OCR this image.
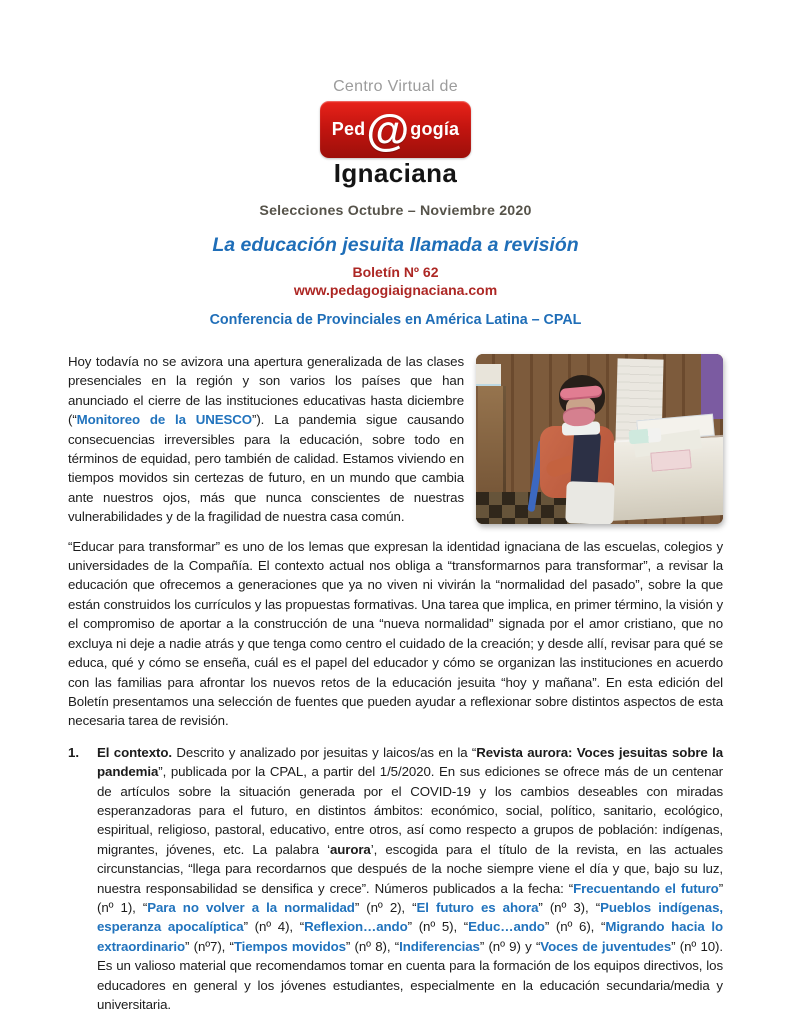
Centro Virtual de
Ped @ gogía
Ignaciana
Selecciones Octubre – Noviembre 2020
La educación jesuita llamada a revisión
Boletín Nº 62
www.pedagogiaignaciana.com
Conferencia de Provinciales en América Latina – CPAL

Hoy todavía no se avizora una apertura generalizada de las clases presenciales en la región y son varios los países que han anunciado el cierre de las instituciones educativas hasta diciembre (“Monitoreo de la UNESCO”). La pandemia sigue causando consecuencias irreversibles para la educación, sobre todo en términos de equidad, pero también de calidad. Estamos viviendo en tiempos movidos sin certezas de futuro, en un mundo que cambia ante nuestros ojos, más que nunca conscientes de nuestras vulnerabilidades y de la fragilidad de nuestra casa común.

“Educar para transformar” es uno de los lemas que expresan la identidad ignaciana de las escuelas, colegios y universidades de la Compañía. El contexto actual nos obliga a “transformarnos para transformar”, a revisar la educación que ofrecemos a generaciones que ya no viven ni vivirán la “normalidad del pasado”, sobre la que están construidos los currículos y las propuestas formativas. Una tarea que implica, en primer término, la visión y el compromiso de aportar a la construcción de una “nueva normalidad” signada por el amor cristiano, que no excluya ni deje a nadie atrás y que tenga como centro el cuidado de la creación; y desde allí, revisar para qué se educa, qué y cómo se enseña, cuál es el papel del educador y cómo se organizan las instituciones en acuerdo con las familias para afrontar los nuevos retos de la educación jesuita “hoy y mañana”. En esta edición del Boletín presentamos una selección de fuentes que pueden ayudar a reflexionar sobre distintos aspectos de esta necesaria tarea de revisión.

1. El contexto. Descrito y analizado por jesuitas y laicos/as en la “Revista aurora: Voces jesuitas sobre la pandemia”, publicada por la CPAL, a partir del 1/5/2020. En sus ediciones se ofrece más de un centenar de artículos sobre la situación generada por el COVID-19 y los cambios deseables con miradas esperanzadoras para el futuro, en distintos ámbitos: económico, social, político, sanitario, ecológico, espiritual, religioso, pastoral, educativo, entre otros, así como respecto a grupos de población: indígenas, migrantes, jóvenes, etc. La palabra ‘aurora’, escogida para el título de la revista, en las actuales circunstancias, “llega para recordarnos que después de la noche siempre viene el día y que, bajo su luz, nuestra responsabilidad se densifica y crece”. Números publicados a la fecha: “Frecuentando el futuro” (nº 1), “Para no volver a la normalidad” (nº 2), “El futuro es ahora” (nº 3), “Pueblos indígenas, esperanza apocalíptica” (nº 4), “Reflexion…ando” (nº 5), “Educ…ando” (nº 6), “Migrando hacia lo extraordinario” (nº7), “Tiempos movidos” (nº 8), “Indiferencias” (nº 9) y “Voces de juventudes” (nº 10). Es un valioso material que recomendamos tomar en cuenta para la formación de los equipos directivos, los educadores en general y los jóvenes estudiantes, especialmente en la educación secundaria/media y universitaria.
